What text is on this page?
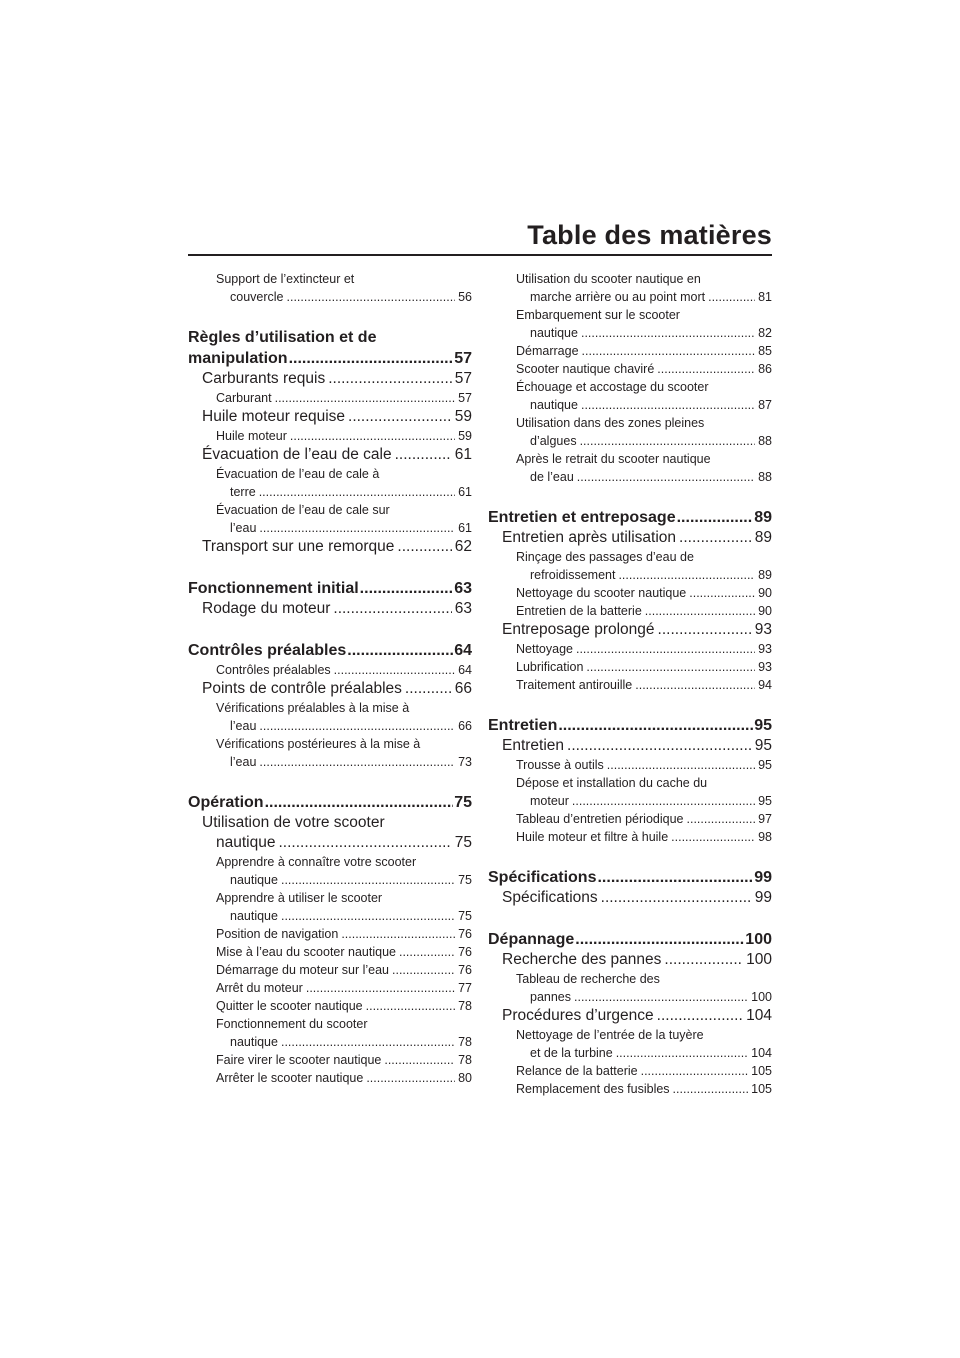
Table des matières
Support de l’extincteur et
couvercle .....	56
Règles d’utilisation et de
manipulation .....	57
Carburants requis .....	57
Carburant .....	57
Huile moteur requise .....	59
Huile moteur .....	59
Évacuation de l’eau de cale .....	61
Évacuation de l’eau de cale à
terre .....	61
Évacuation de l’eau de cale sur
l’eau .....	61
Transport sur une remorque .....	62
Fonctionnement initial .....	63
Rodage du moteur .....	63
Contrôles préalables .....	64
Contrôles préalables .....	64
Points de contrôle préalables .....	66
Vérifications préalables à la mise à
l’eau .....	66
Vérifications postérieures à la mise à
l’eau .....	73
Opération .....	75
Utilisation de votre scooter
nautique .....	75
Apprendre à connaître votre scooter
nautique .....	75
Apprendre à utiliser le scooter
nautique .....	75
Position de navigation .....	76
Mise à l’eau du scooter nautique .....	76
Démarrage du moteur sur l’eau .....	76
Arrêt du moteur .....	77
Quitter le scooter nautique .....	78
Fonctionnement du scooter
nautique .....	78
Faire virer le scooter nautique .....	78
Arrêter le scooter nautique .....	80
Utilisation du scooter nautique en
marche arrière ou au point mort .....	81
Embarquement sur le scooter
nautique .....	82
Démarrage .....	85
Scooter nautique chaviré .....	86
Échouage et accostage du scooter
nautique .....	87
Utilisation dans des zones pleines
d’algues .....	88
Après le retrait du scooter nautique
de l’eau .....	88
Entretien et entreposage .....	89
Entretien après utilisation .....	89
Rinçage des passages d’eau de
refroidissement .....	89
Nettoyage du scooter nautique .....	90
Entretien de la batterie .....	90
Entreposage prolongé .....	93
Nettoyage .....	93
Lubrification .....	93
Traitement antirouille .....	94
Entretien .....	95
Entretien .....	95
Trousse à outils .....	95
Dépose et installation du cache du
moteur .....	95
Tableau d’entretien périodique .....	97
Huile moteur et filtre à huile .....	98
Spécifications .....	99
Spécifications .....	99
Dépannage .....	100
Recherche des pannes .....	100
Tableau de recherche des
pannes .....	100
Procédures d’urgence .....	104
Nettoyage de l’entrée de la tuyère
et de la turbine .....	104
Relance de la batterie .....	105
Remplacement des fusibles .....	105
